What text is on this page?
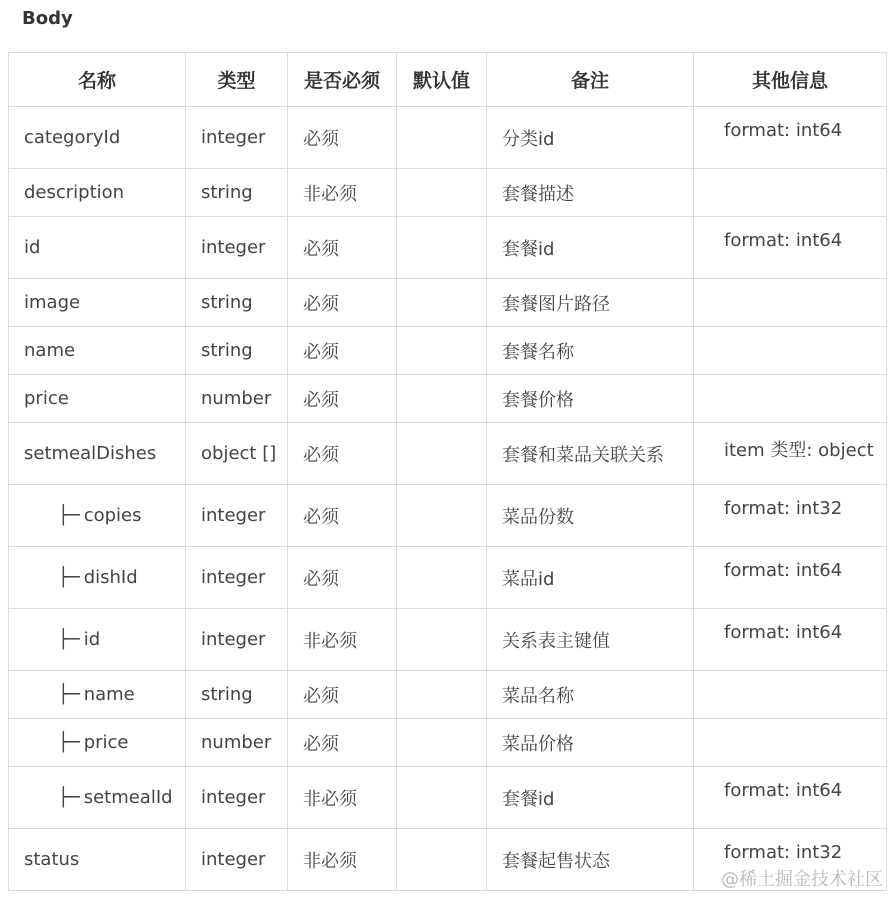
Body
名称	类型	是否必须	默认值	备注	其他信息
categoryId	integer	必须		分类id	format: int64
description	string	非必须		套餐描述	
id	integer	必须		套餐id	format: int64
image	string	必须		套餐图片路径	
name	string	必须		套餐名称	
price	number	必须		套餐价格	
setmealDishes	object []	必须		套餐和菜品关联关系	item 类型: object
├─ copies	integer	必须		菜品份数	format: int32
├─ dishId	integer	必须		菜品id	format: int64
├─ id	integer	非必须		关系表主键值	format: int64
├─ name	string	必须		菜品名称	
├─ price	number	必须		菜品价格	
├─ setmealId	integer	非必须		套餐id	format: int64
status	integer	非必须		套餐起售状态	format: int32
@稀土掘金技术社区
